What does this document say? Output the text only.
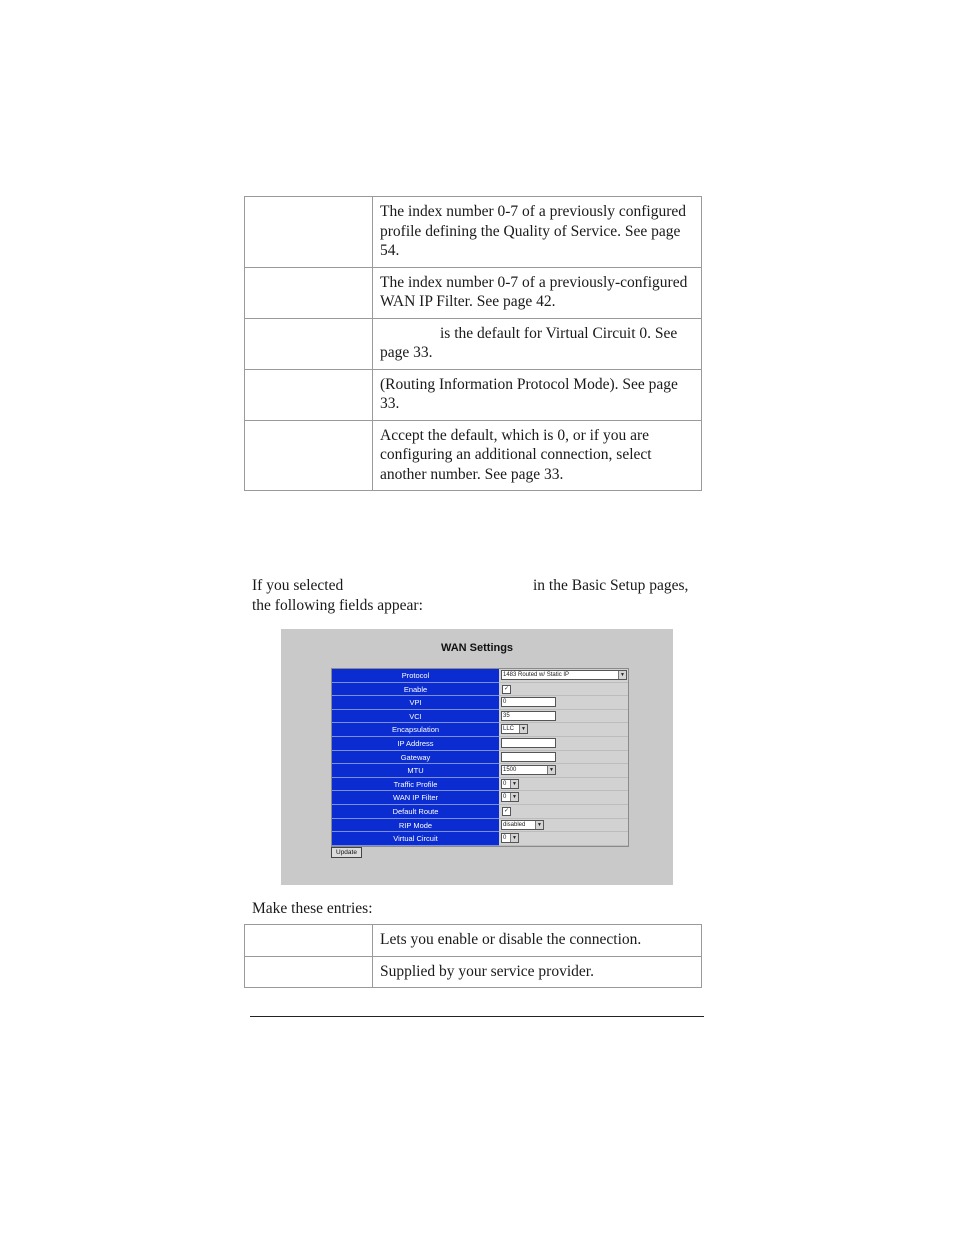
	The index number 0-7 of a previously configured profile defining the Quality of Service. See page 54.
	The index number 0-7 of a previously-configured WAN IP Filter. See page 42.
	is the default for Virtual Circuit 0. See page 33.
	(Routing Information Protocol Mode). See page 33.
	Accept the default, which is 0, or if you are configuring an additional connection, select another number. See page 33.

If you selected	in the Basic Setup pages, the following fields appear:

WAN Settings
Protocol	1483 Routed w/ Static IP	▼
Enable	✓
VPI	0
VCI	35
Encapsulation	LLC	▼
IP Address
Gateway
MTU	1500	▼
Traffic Profile	0	▼
WAN IP Filter	0	▼
Default Route	✓
RIP Mode	disabled	▼
Virtual Circuit	0	▼
Update

Make these entries:

	Lets you enable or disable the connection.
	Supplied by your service provider.
